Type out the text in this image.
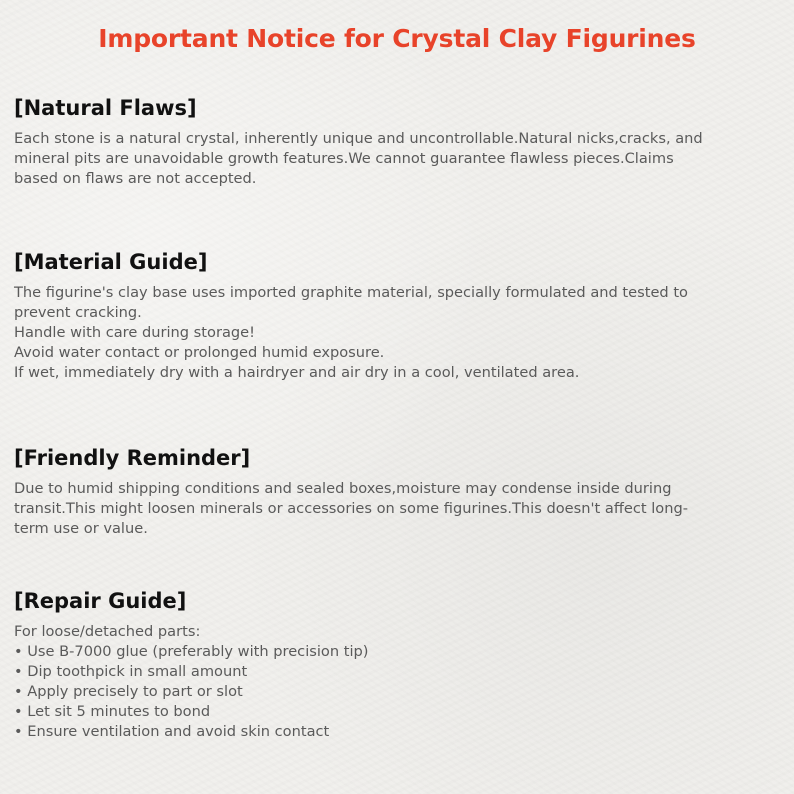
Important Notice for Crystal Clay Figurines
[Natural Flaws]
Each stone is a natural crystal, inherently unique and uncontrollable.Natural nicks,cracks, and
mineral pits are unavoidable growth features.We cannot guarantee flawless pieces.Claims
based on flaws are not accepted.
[Material Guide]
The figurine's clay base uses imported graphite material, specially formulated and tested to
prevent cracking.
Handle with care during storage!
Avoid water contact or prolonged humid exposure.
If wet, immediately dry with a hairdryer and air dry in a cool, ventilated area.
[Friendly Reminder]
Due to humid shipping conditions and sealed boxes,moisture may condense inside during
transit.This might loosen minerals or accessories on some figurines.This doesn't affect long-
term use or value.
[Repair Guide]
For loose/detached parts:
• Use B-7000 glue (preferably with precision tip)
• Dip toothpick in small amount
• Apply precisely to part or slot
• Let sit 5 minutes to bond
• Ensure ventilation and avoid skin contact
